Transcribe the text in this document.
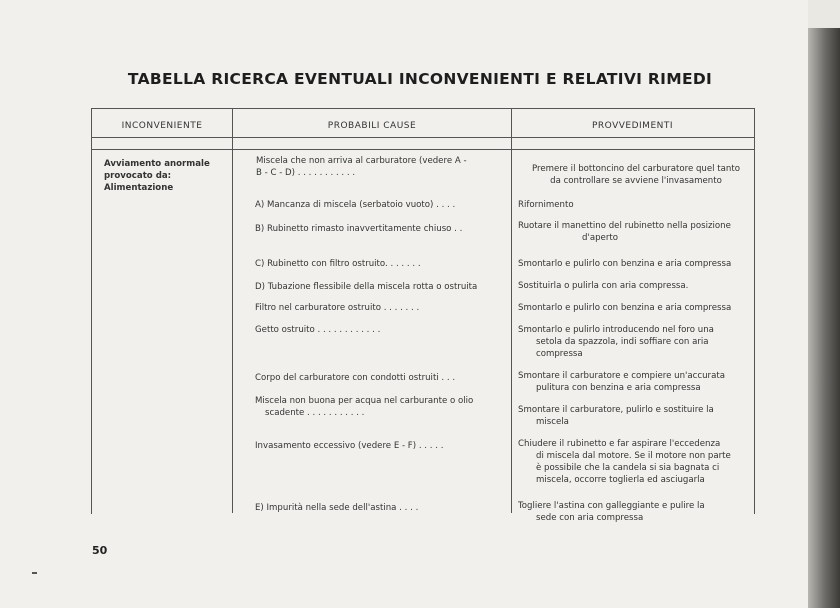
TABELLA RICERCA EVENTUALI INCONVENIENTI E RELATIVI RIMEDI
INCONVENIENTE	PROBABILI CAUSE	PROVVEDIMENTI
Avviamento anormale
provocato da:
Alimentazione
Miscela che non arriva al carburatore (vedere A -
B - C - D) . . . . . . . . . . .
A) Mancanza di miscela (serbatoio vuoto) . . . .
B) Rubinetto rimasto inavvertitamente chiuso . .
C) Rubinetto con filtro ostruito. . . . . . .
D) Tubazione flessibile della miscela rotta o ostruita
Filtro nel carburatore ostruito . . . . . . .
Getto ostruito . . . . . . . . . . . .
Corpo del carburatore con condotti ostruiti . . .
Miscela non buona per acqua nel carburante o olio
scadente . . . . . . . . . . .
Invasamento eccessivo (vedere E - F) . . . . .
E) Impurità nella sede dell'astina . . . .
Premere il bottoncino del carburatore quel tanto
da controllare se avviene l'invasamento
Rifornimento
Ruotare il manettino del rubinetto nella posizione
d'aperto
Smontarlo e pulirlo con benzina e aria compressa
Sostituirla o pulirla con aria compressa.
Smontarlo e pulirlo con benzina e aria compressa
Smontarlo e pulirlo introducendo nel foro una
setola da spazzola, indi soffiare con aria
compressa
Smontare il carburatore e compiere un'accurata
pulitura con benzina e aria compressa
Smontare il carburatore, pulirlo e sostituire la
miscela
Chiudere il rubinetto e far aspirare l'eccedenza
di miscela dal motore. Se il motore non parte
è possibile che la candela si sia bagnata ci
miscela, occorre toglierla ed asciugarla
Togliere l'astina con galleggiante e pulire la
sede con aria compressa
50
